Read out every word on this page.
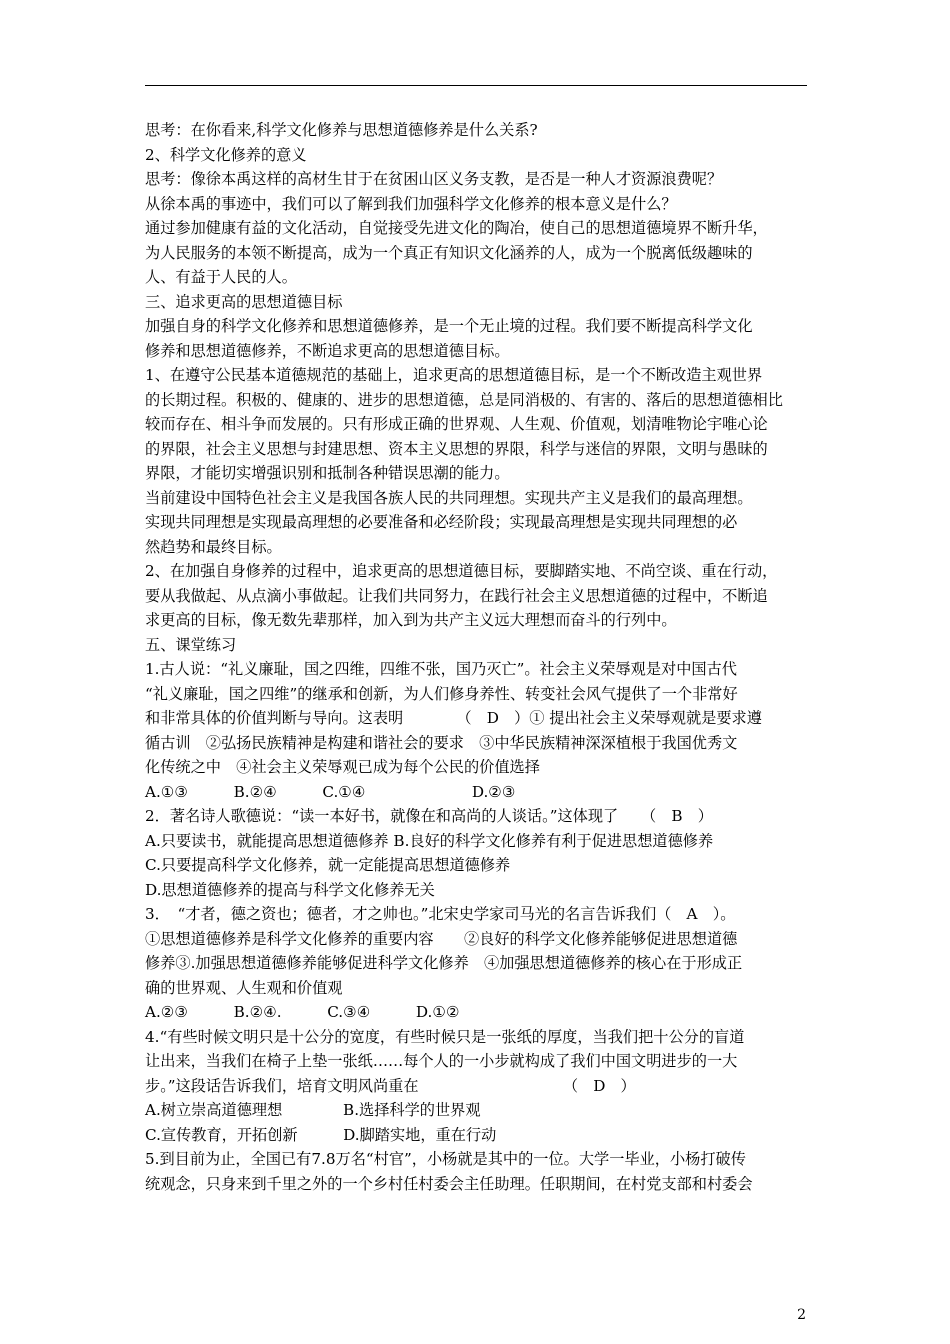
思考：在你看来,科学文化修养与思想道德修养是什么关系?
2、科学文化修养的意义
思考：像徐本禹这样的高材生甘于在贫困山区义务支教，是否是一种人才资源浪费呢？
从徐本禹的事迹中，我们可以了解到我们加强科学文化修养的根本意义是什么？
通过参加健康有益的文化活动，自觉接受先进文化的陶冶，使自己的思想道德境界不断升华，
为人民服务的本领不断提高，成为一个真正有知识文化涵养的人，成为一个脱离低级趣味的
人、有益于人民的人。
三、追求更高的思想道德目标
加强自身的科学文化修养和思想道德修养，是一个无止境的过程。我们要不断提高科学文化
修养和思想道德修养，不断追求更高的思想道德目标。
1、在遵守公民基本道德规范的基础上，追求更高的思想道德目标，是一个不断改造主观世界
的长期过程。积极的、健康的、进步的思想道德，总是同消极的、有害的、落后的思想道德相比
较而存在、相斗争而发展的。只有形成正确的世界观、人生观、价值观，划清唯物论宇唯心论
的界限，社会主义思想与封建思想、资本主义思想的界限，科学与迷信的界限，文明与愚昧的
界限，才能切实增强识别和抵制各种错误思潮的能力。
当前建设中国特色社会主义是我国各族人民的共同理想。实现共产主义是我们的最高理想。
实现共同理想是实现最高理想的必要准备和必经阶段；实现最高理想是实现共同理想的必
然趋势和最终目标。
2、在加强自身修养的过程中，追求更高的思想道德目标，要脚踏实地、不尚空谈、重在行动，
要从我做起、从点滴小事做起。让我们共同努力，在践行社会主义思想道德的过程中，不断追
求更高的目标，像无数先辈那样，加入到为共产主义远大理想而奋斗的行列中。
五、课堂练习
1.古人说：“礼义廉耻，国之四维，四维不张，国乃灭亡”。社会主义荣辱观是对中国古代
“礼义廉耻，国之四维”的继承和创新，为人们修身养性、转变社会风气提供了一个非常好
和非常具体的价值判断与导向。这表明　　　　（　D　）① 提出社会主义荣辱观就是要求遵
循古训　②弘扬民族精神是构建和谐社会的要求　③中华民族精神深深植根于我国优秀文
化传统之中　④社会主义荣辱观已成为每个公民的价值选择
A.①③　　　B.②④　　　C.①④　　　　　　　D.②③
2．著名诗人歌德说：“读一本好书，就像在和高尚的人谈话。”这体现了　　（　B　）
A.只要读书，就能提高思想道德修养 B.良好的科学文化修养有利于促进思想道德修养
C.只要提高科学文化修养，就一定能提高思想道德修养
D.思想道德修养的提高与科学文化修养无关
3．　“才者，德之资也；德者，才之帅也。”北宋史学家司马光的名言告诉我们（　A　）。
①思想道德修养是科学文化修养的重要内容　　②良好的科学文化修养能够促进思想道德
修养③.加强思想道德修养能够促进科学文化修养　④加强思想道德修养的核心在于形成正
确的世界观、人生观和价值观
A.②③　　　B.②④.　　　C.③④　　　D.①②
4.“有些时候文明只是十公分的宽度，有些时候只是一张纸的厚度，当我们把十公分的盲道
让出来，当我们在椅子上垫一张纸……每个人的一小步就构成了我们中国文明进步的一大
步。”这段话告诉我们，培育文明风尚重在　　　　　　　　　　（　D　）
A.树立崇高道德理想　　　　B.选择科学的世界观
C.宣传教育，开拓创新　　　D.脚踏实地，重在行动
5.到目前为止，全国已有7.8万名“村官”，小杨就是其中的一位。大学一毕业，小杨打破传
统观念，只身来到千里之外的一个乡村任村委会主任助理。任职期间，在村党支部和村委会
2
